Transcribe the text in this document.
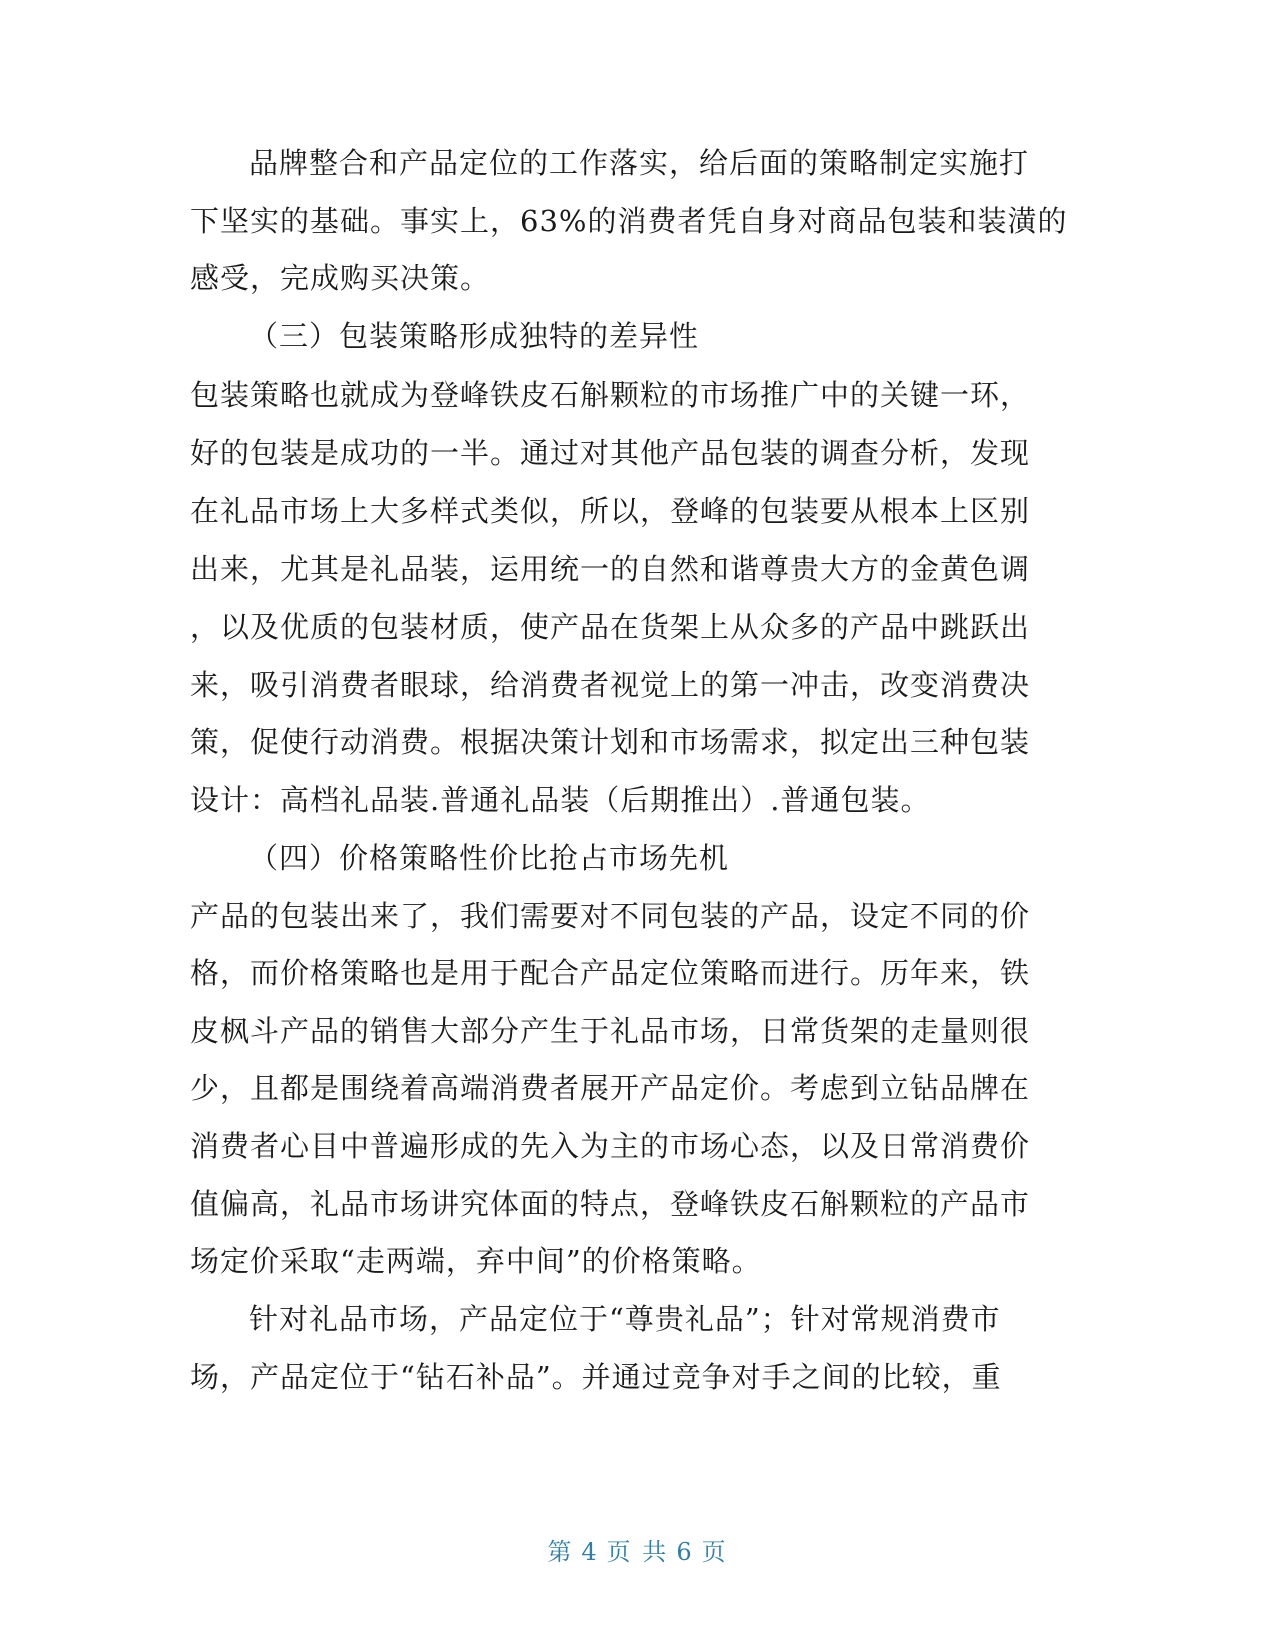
品牌整合和产品定位的工作落实，给后面的策略制定实施打
下坚实的基础。事实上，63%的消费者凭自身对商品包装和装潢的
感受，完成购买决策。
（三）包装策略形成独特的差异性
包装策略也就成为登峰铁皮石斛颗粒的市场推广中的关键一环，
好的包装是成功的一半。通过对其他产品包装的调查分析，发现
在礼品市场上大多样式类似，所以，登峰的包装要从根本上区别
出来，尤其是礼品装，运用统一的自然和谐尊贵大方的金黄色调
，以及优质的包装材质，使产品在货架上从众多的产品中跳跃出
来，吸引消费者眼球，给消费者视觉上的第一冲击，改变消费决
策，促使行动消费。根据决策计划和市场需求，拟定出三种包装
设计：高档礼品装.普通礼品装（后期推出）.普通包装。
（四）价格策略性价比抢占市场先机
产品的包装出来了，我们需要对不同包装的产品，设定不同的价
格，而价格策略也是用于配合产品定位策略而进行。历年来，铁
皮枫斗产品的销售大部分产生于礼品市场，日常货架的走量则很
少，且都是围绕着高端消费者展开产品定价。考虑到立钻品牌在
消费者心目中普遍形成的先入为主的市场心态，以及日常消费价
值偏高，礼品市场讲究体面的特点，登峰铁皮石斛颗粒的产品市
场定价采取“走两端，弃中间”的价格策略。
针对礼品市场，产品定位于“尊贵礼品”；针对常规消费市
场，产品定位于“钻石补品”。并通过竞争对手之间的比较，重
第 4 页 共 6 页
